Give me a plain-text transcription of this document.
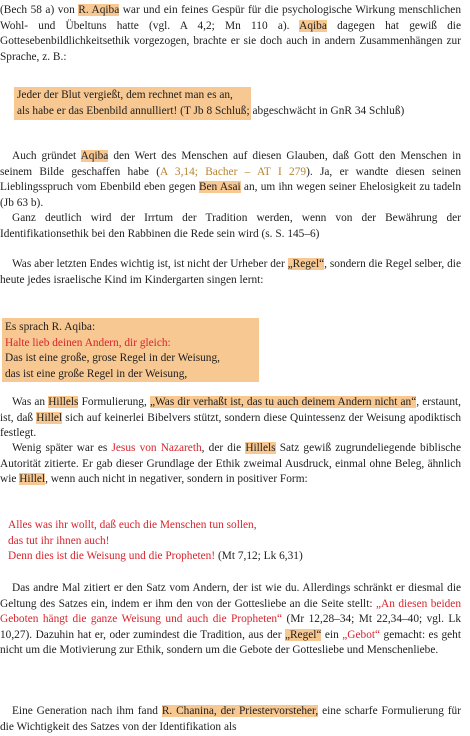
(Bech 58 a) von R. Aqiba war und ein feines Gespür für die psychologische Wirkung menschlichen Wohl- und Übeltuns hatte (vgl. A 4,2; Mn 110 a). Aqiba dagegen hat gewiß die Gottesebenbildlichkeitsethik vorgezogen, brachte er sie doch auch in andern Zusammenhängen zur Sprache, z. B.:

Jeder der Blut vergießt, dem rechnet man es an,
als habe er das Ebenbild annulliert! (T Jb 8 Schluß; abgeschwächt in GnR 34 Schluß)

Auch gründet Aqiba den Wert des Menschen auf diesen Glauben, daß Gott den Menschen in seinem Bilde geschaffen habe (A 3,14; Bacher – AT I 279). Ja, er wandte diesen seinen Lieblingsspruch vom Ebenbild eben gegen Ben Asai an, um ihn wegen seiner Ehelosigkeit zu tadeln (Jb 63 b).

Ganz deutlich wird der Irrtum der Tradition werden, wenn von der Bewährung der Identifikationsethik bei den Rabbinen die Rede sein wird (s. S. 145–6)

Was aber letzten Endes wichtig ist, ist nicht der Urheber der „Regel“, sondern die Regel selber, die heute jedes israelische Kind im Kindergarten singen lernt:

Es sprach R. Aqiba:
Halte lieb deinen Andern, dir gleich:
Das ist eine große, grose Regel in der Weisung,
das ist eine große Regel in der Weisung,

Was an Hillels Formulierung, „Was dir verhaßt ist, das tu auch deinem Andern nicht an“, erstaunt, ist, daß Hillel sich auf keinerlei Bibelvers stützt, sondern diese Quintessenz der Weisung apodiktisch festlegt.

Wenig später war es Jesus von Nazareth, der die Hillels Satz gewiß zugrundeliegende biblische Autorität zitierte. Er gab dieser Grundlage der Ethik zweimal Ausdruck, einmal ohne Beleg, ähnlich wie Hillel, wenn auch nicht in negativer, sondern in positiver Form:

Alles was ihr wollt, daß euch die Menschen tun sollen,
das tut ihr ihnen auch!
Denn dies ist die Weisung und die Propheten! (Mt 7,12; Lk 6,31)

Das andre Mal zitiert er den Satz vom Andern, der ist wie du. Allerdings schränkt er diesmal die Geltung des Satzes ein, indem er ihm den von der Gottesliebe an die Seite stellt: „An diesen beiden Geboten hängt die ganze Weisung und auch die Propheten“ (Mr 12,28–34; Mt 22,34–40; vgl. Lk 10,27). Dazuhin hat er, oder zumindest die Tradition, aus der „Regel“ ein „Gebot“ gemacht: es geht nicht um die Motivierung zur Ethik, sondern um die Gebote der Gottesliebe und Menschenliebe.

Eine Generation nach ihm fand R. Chanina, der Priestervorsteher, eine scharfe Formulierung für die Wichtigkeit des Satzes von der Identifikation als
